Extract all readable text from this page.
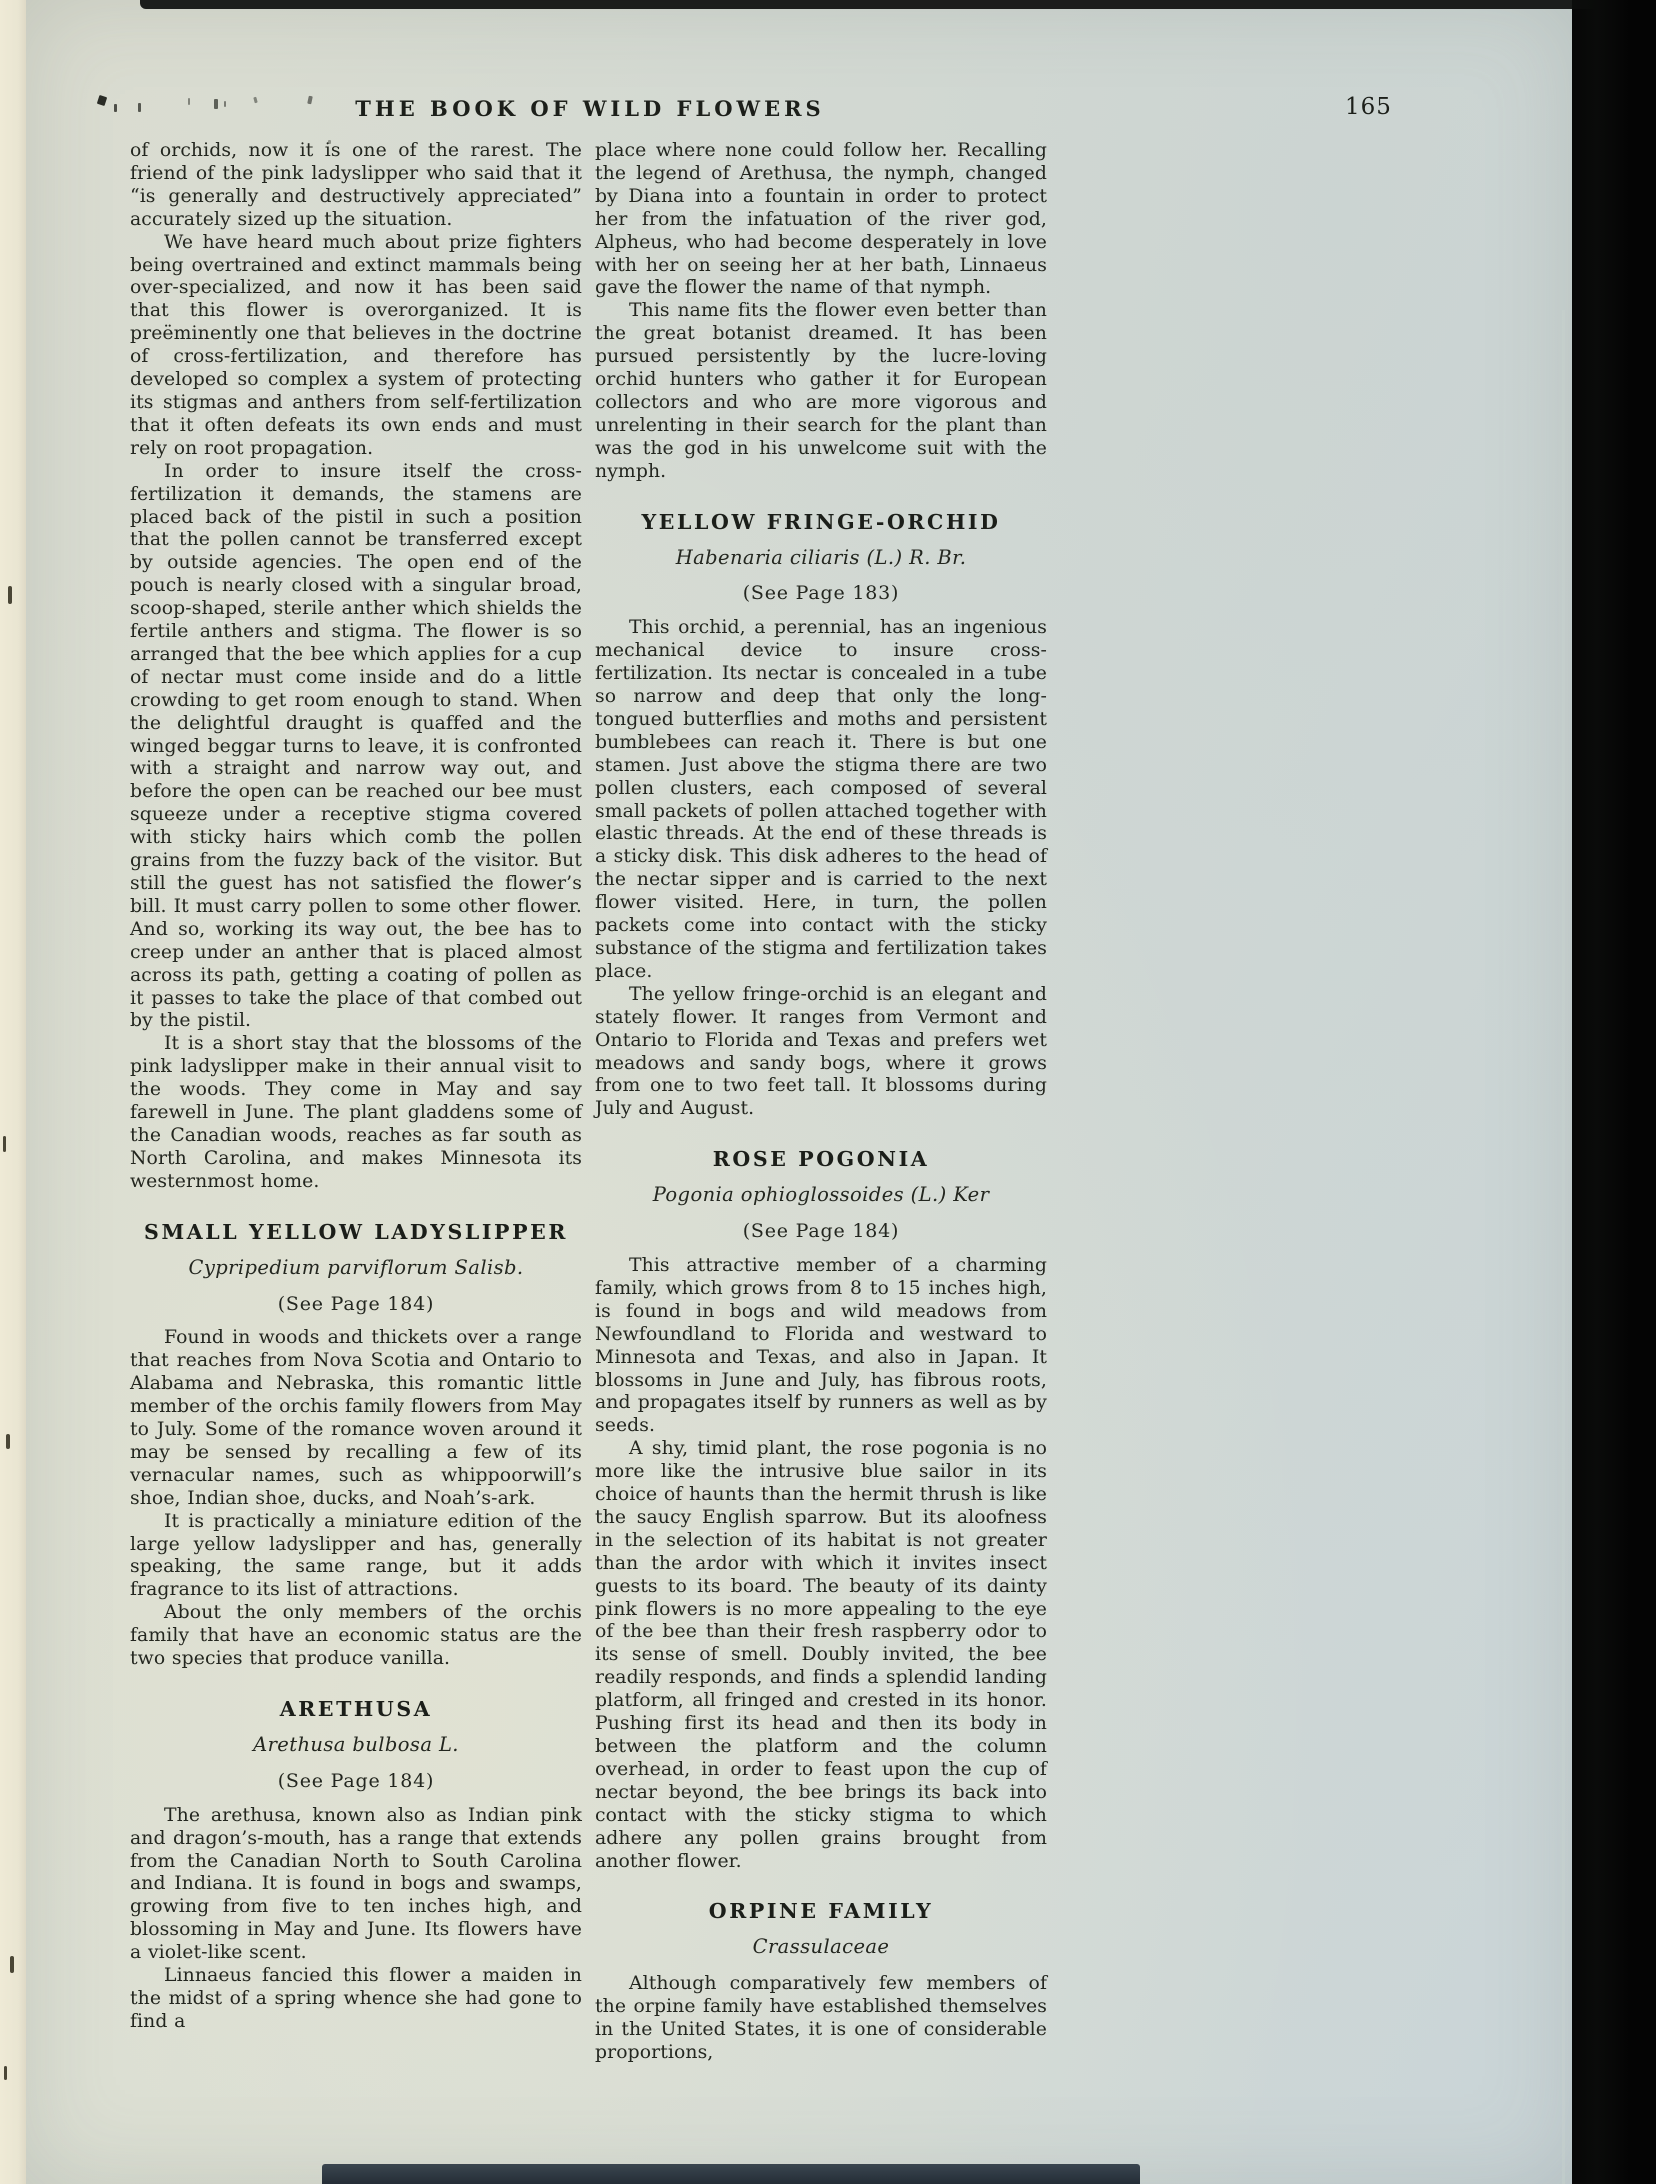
THE BOOK OF WILD FLOWERS	165

of orchids, now it is one of the rarest. The friend of the pink ladyslipper who said that it “is generally and destructively appreciated” accurately sized up the situation.

We have heard much about prize fighters being overtrained and extinct mammals being over-specialized, and now it has been said that this flower is overorganized. It is preëminently one that believes in the doctrine of cross-fertilization, and therefore has developed so complex a system of protecting its stigmas and anthers from self-fertilization that it often defeats its own ends and must rely on root propagation.

In order to insure itself the cross-fertilization it demands, the stamens are placed back of the pistil in such a position that the pollen cannot be transferred except by outside agencies. The open end of the pouch is nearly closed with a singular broad, scoop-shaped, sterile anther which shields the fertile anthers and stigma. The flower is so arranged that the bee which applies for a cup of nectar must come inside and do a little crowding to get room enough to stand. When the delightful draught is quaffed and the winged beggar turns to leave, it is confronted with a straight and narrow way out, and before the open can be reached our bee must squeeze under a receptive stigma covered with sticky hairs which comb the pollen grains from the fuzzy back of the visitor. But still the guest has not satisfied the flower’s bill. It must carry pollen to some other flower. And so, working its way out, the bee has to creep under an anther that is placed almost across its path, getting a coating of pollen as it passes to take the place of that combed out by the pistil.

It is a short stay that the blossoms of the pink ladyslipper make in their annual visit to the woods. They come in May and say farewell in June. The plant gladdens some of the Canadian woods, reaches as far south as North Carolina, and makes Minnesota its westernmost home.

SMALL YELLOW LADYSLIPPER
Cypripedium parviflorum Salisb.
(See Page 184)

Found in woods and thickets over a range that reaches from Nova Scotia and Ontario to Alabama and Nebraska, this romantic little member of the orchis family flowers from May to July. Some of the romance woven around it may be sensed by recalling a few of its vernacular names, such as whippoorwill’s shoe, Indian shoe, ducks, and Noah’s-ark.

It is practically a miniature edition of the large yellow ladyslipper and has, generally speaking, the same range, but it adds fragrance to its list of attractions.

About the only members of the orchis family that have an economic status are the two species that produce vanilla.

ARETHUSA
Arethusa bulbosa L.
(See Page 184)

The arethusa, known also as Indian pink and dragon’s-mouth, has a range that extends from the Canadian North to South Carolina and Indiana. It is found in bogs and swamps, growing from five to ten inches high, and blossoming in May and June. Its flowers have a violet-like scent.

Linnaeus fancied this flower a maiden in the midst of a spring whence she had gone to find a

place where none could follow her. Recalling the legend of Arethusa, the nymph, changed by Diana into a fountain in order to protect her from the infatuation of the river god, Alpheus, who had become desperately in love with her on seeing her at her bath, Linnaeus gave the flower the name of that nymph.

This name fits the flower even better than the great botanist dreamed. It has been pursued persistently by the lucre-loving orchid hunters who gather it for European collectors and who are more vigorous and unrelenting in their search for the plant than was the god in his unwelcome suit with the nymph.

YELLOW FRINGE-ORCHID
Habenaria ciliaris (L.) R. Br.
(See Page 183)

This orchid, a perennial, has an ingenious mechanical device to insure cross-fertilization. Its nectar is concealed in a tube so narrow and deep that only the long-tongued butterflies and moths and persistent bumblebees can reach it. There is but one stamen. Just above the stigma there are two pollen clusters, each composed of several small packets of pollen attached together with elastic threads. At the end of these threads is a sticky disk. This disk adheres to the head of the nectar sipper and is carried to the next flower visited. Here, in turn, the pollen packets come into contact with the sticky substance of the stigma and fertilization takes place.

The yellow fringe-orchid is an elegant and stately flower. It ranges from Vermont and Ontario to Florida and Texas and prefers wet meadows and sandy bogs, where it grows from one to two feet tall. It blossoms during July and August.

ROSE POGONIA
Pogonia ophioglossoides (L.) Ker
(See Page 184)

This attractive member of a charming family, which grows from 8 to 15 inches high, is found in bogs and wild meadows from Newfoundland to Florida and westward to Minnesota and Texas, and also in Japan. It blossoms in June and July, has fibrous roots, and propagates itself by runners as well as by seeds.

A shy, timid plant, the rose pogonia is no more like the intrusive blue sailor in its choice of haunts than the hermit thrush is like the saucy English sparrow. But its aloofness in the selection of its habitat is not greater than the ardor with which it invites insect guests to its board. The beauty of its dainty pink flowers is no more appealing to the eye of the bee than their fresh raspberry odor to its sense of smell. Doubly invited, the bee readily responds, and finds a splendid landing platform, all fringed and crested in its honor. Pushing first its head and then its body in between the platform and the column overhead, in order to feast upon the cup of nectar beyond, the bee brings its back into contact with the sticky stigma to which adhere any pollen grains brought from another flower.

ORPINE FAMILY
Crassulaceae

Although comparatively few members of the orpine family have established themselves in the United States, it is one of considerable proportions,
